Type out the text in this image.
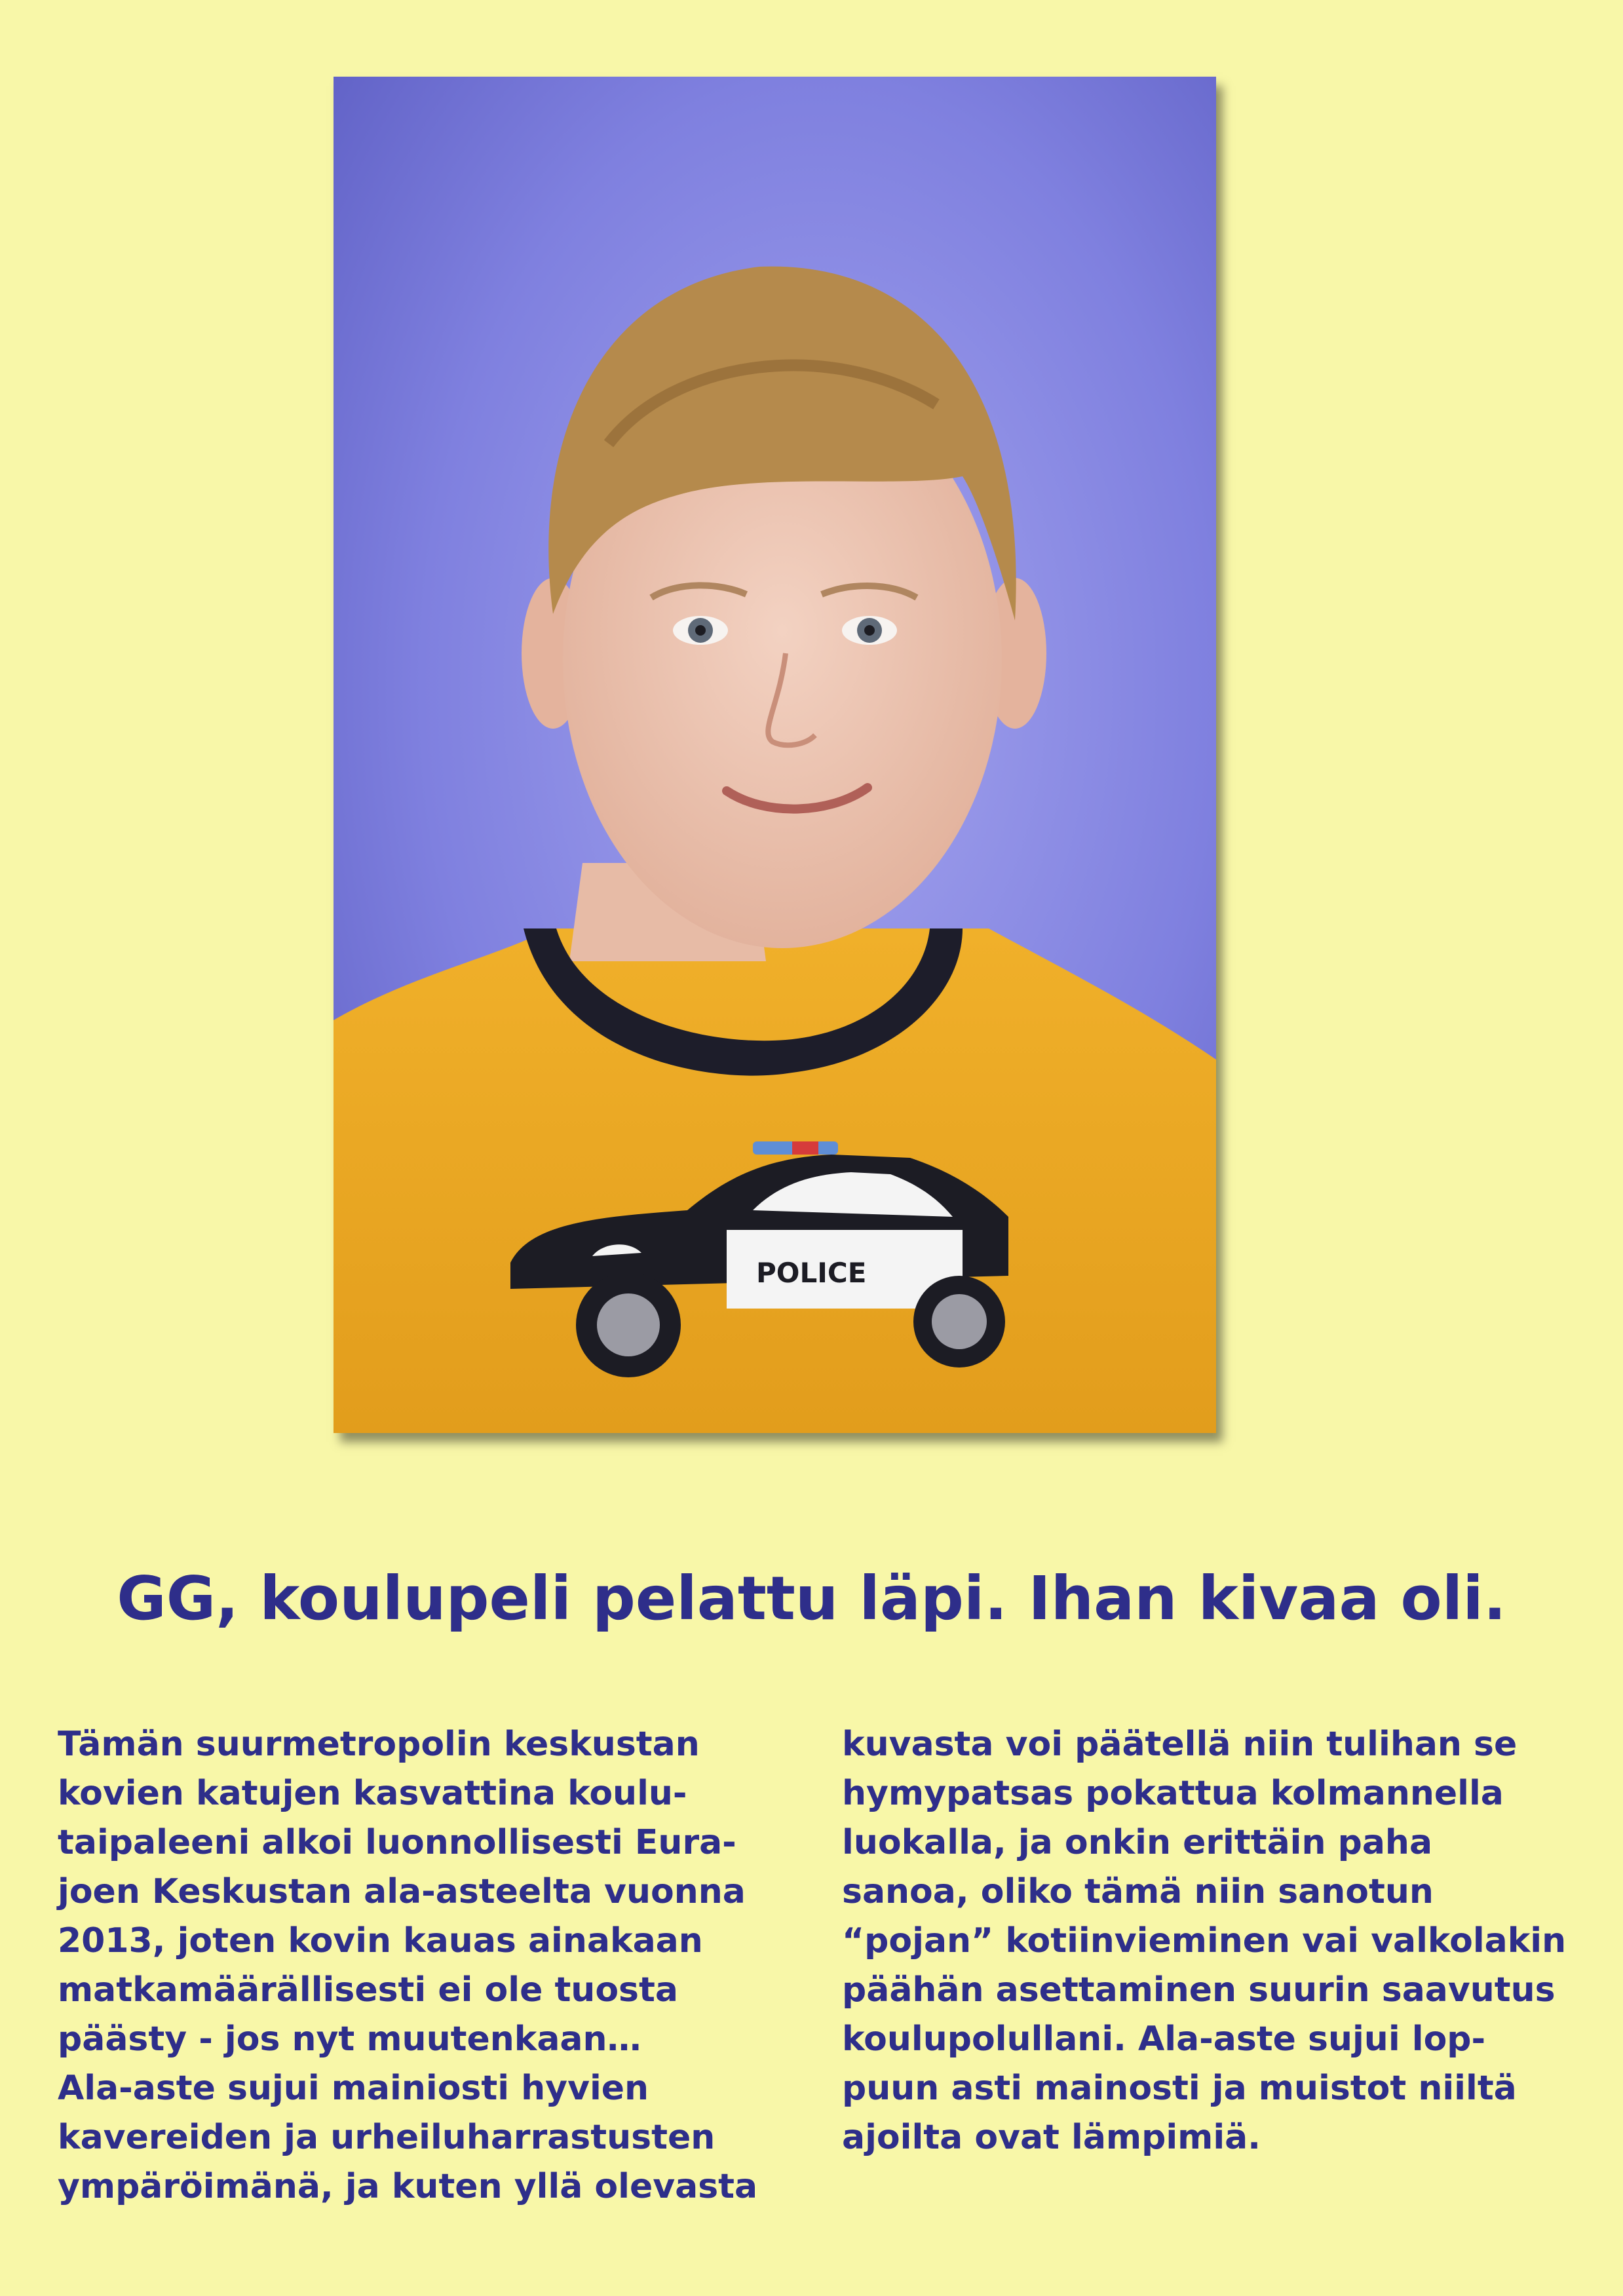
POLICE
GG, koulupeli pelattu läpi. Ihan kivaa oli.
Tämän suurmetropolin keskustan
kovien katujen kasvattina koulu-
taipaleeni alkoi luonnollisesti Eura-
joen Keskustan ala-asteelta vuonna
2013, joten kovin kauas ainakaan
matkamäärällisesti ei ole tuosta
päästy - jos nyt muutenkaan…
Ala-aste sujui mainiosti hyvien
kavereiden ja urheiluharrastusten
ympäröimänä, ja kuten yllä olevasta
kuvasta voi päätellä niin tulihan se
hymypatsas pokattua kolmannella
luokalla, ja onkin erittäin paha
sanoa, oliko tämä niin sanotun
“pojan” kotiinvieminen vai valkolakin
päähän asettaminen suurin saavutus
koulupolullani. Ala-aste sujui lop-
puun asti mainosti ja muistot niiltä
ajoilta ovat lämpimiä.
